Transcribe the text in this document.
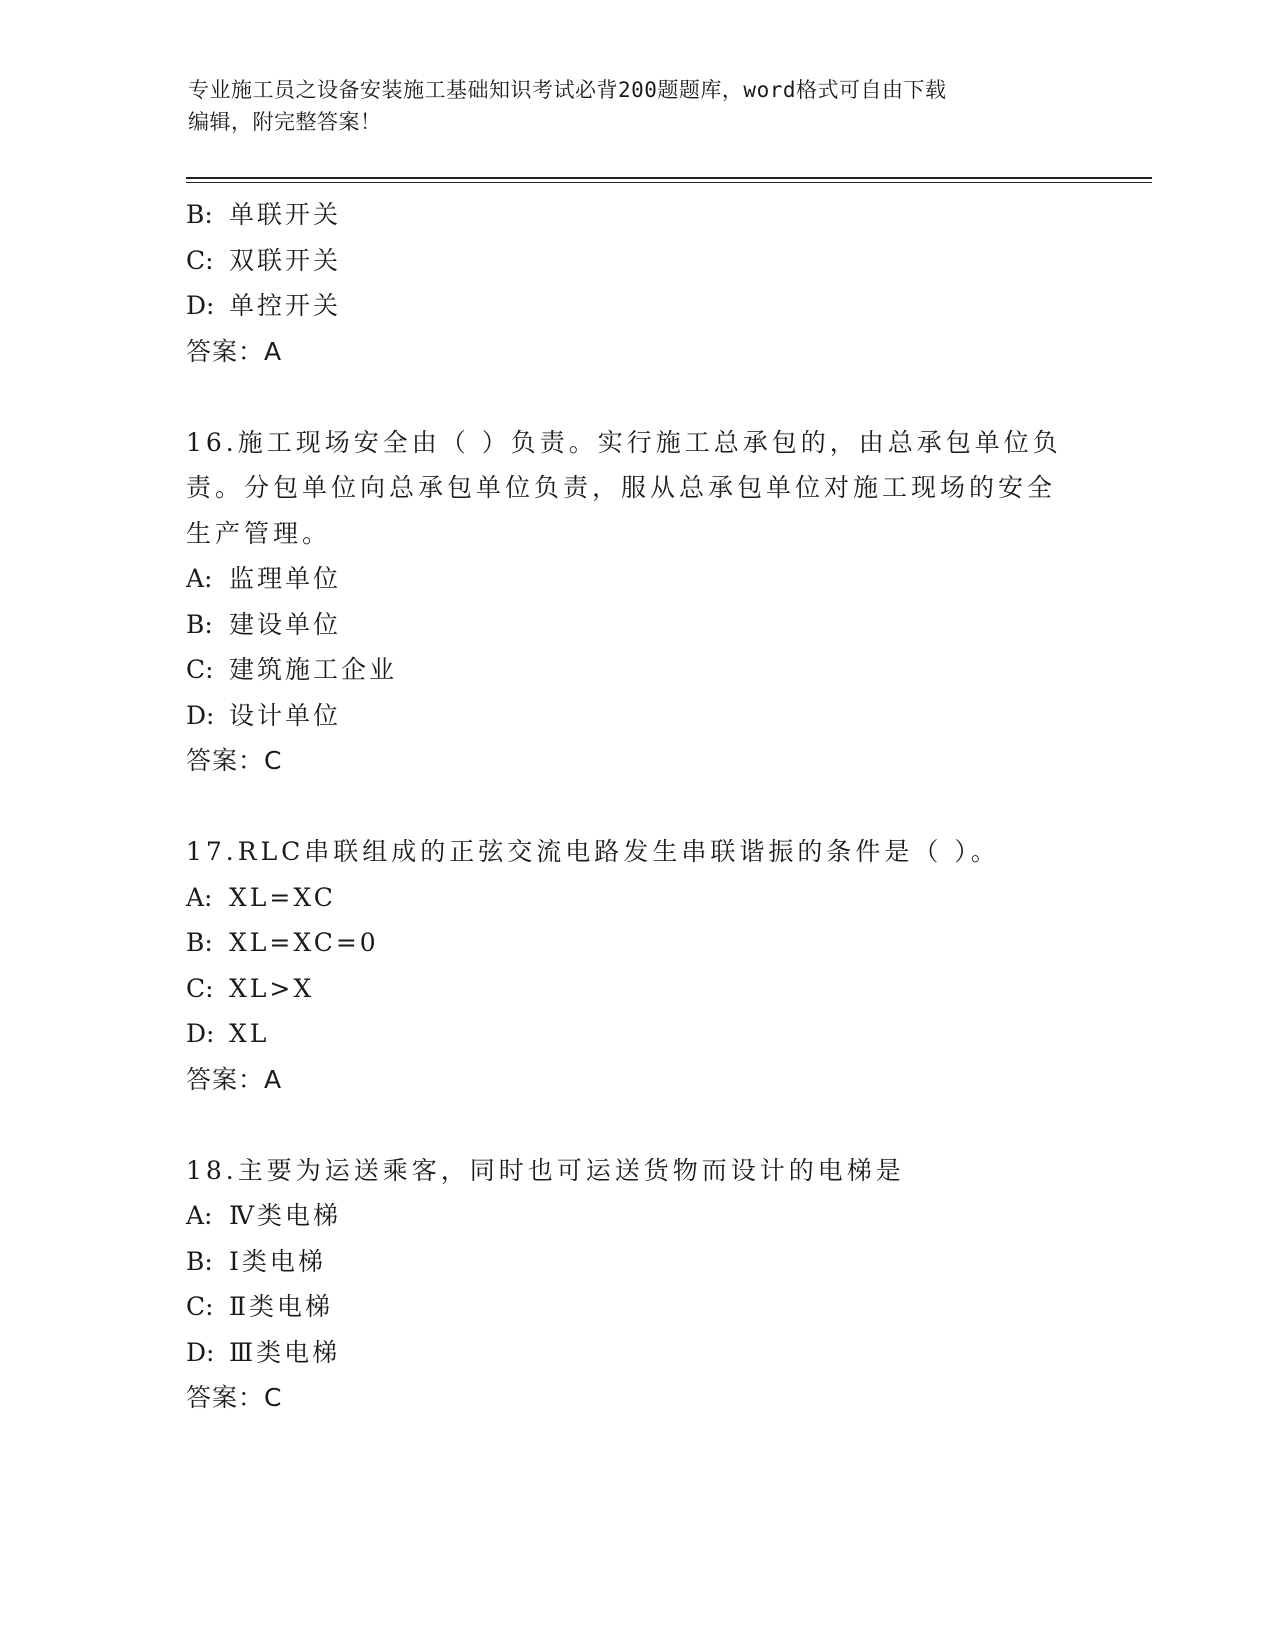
专业施工员之设备安装施工基础知识考试必背200题题库，word格式可自由下载
编辑，附完整答案！
B: 单联开关
C: 双联开关
D: 单控开关
答案：A
16.施工现场安全由（ ）负责。实行施工总承包的，由总承包单位负
责。分包单位向总承包单位负责，服从总承包单位对施工现场的安全
生产管理。
A: 监理单位
B: 建设单位
C: 建筑施工企业
D: 设计单位
答案：C
17.RLC串联组成的正弦交流电路发生串联谐振的条件是（ ）。
A: XL=XC
B: XL=XC=0
C: XL>X
D: XL
答案：A
18.主要为运送乘客，同时也可运送货物而设计的电梯是
A: Ⅳ类电梯
B: Ⅰ类电梯
C: Ⅱ类电梯
D: Ⅲ类电梯
答案：C
